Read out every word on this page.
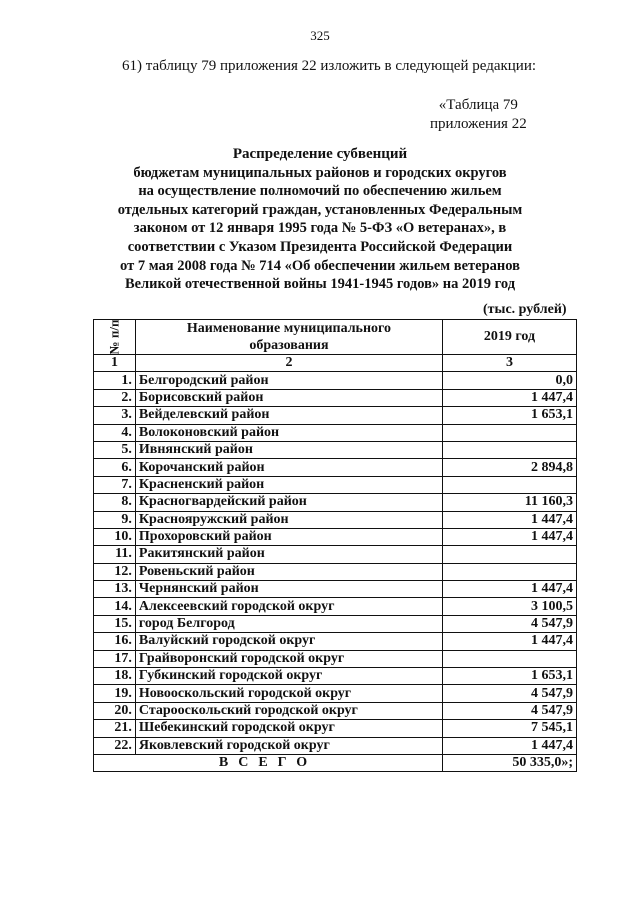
325
61) таблицу 79 приложения 22 изложить в следующей редакции:
«Таблица 79
приложения 22
Распределение субвенций
бюджетам муниципальных районов и городских округов
на осуществление полномочий по обеспечению жильем
отдельных категорий граждан, установленных Федеральным
законом от 12 января 1995 года № 5-ФЗ «О ветеранах», в
соответствии с Указом Президента Российской Федерации
от 7 мая 2008 года № 714 «Об обеспечении жильем ветеранов
Великой отечественной войны 1941-1945 годов» на 2019 год
(тыс. рублей)
№ п/п	Наименование муниципального
образования	2019 год
1	2	3
1.	Белгородский район	0,0
2.	Борисовский район	1 447,4
3.	Вейделевский район	1 653,1
4.	Волоконовский район	
5.	Ивнянский район	
6.	Корочанский район	2 894,8
7.	Красненский район	
8.	Красногвардейский район	11 160,3
9.	Краснояружский район	1 447,4
10.	Прохоровский район	1 447,4
11.	Ракитянский район	
12.	Ровеньский район	
13.	Чернянский район	1 447,4
14.	Алексеевский городской округ	3 100,5
15.	город Белгород	4 547,9
16.	Валуйский городской округ	1 447,4
17.	Грайворонский городской округ	
18.	Губкинский городской округ	1 653,1
19.	Новооскольский городской округ	4 547,9
20.	Старооскольский городской округ	4 547,9
21.	Шебекинский городской округ	7 545,1
22.	Яковлевский городской округ	1 447,4
ВСЕГО		50 335,0»;
